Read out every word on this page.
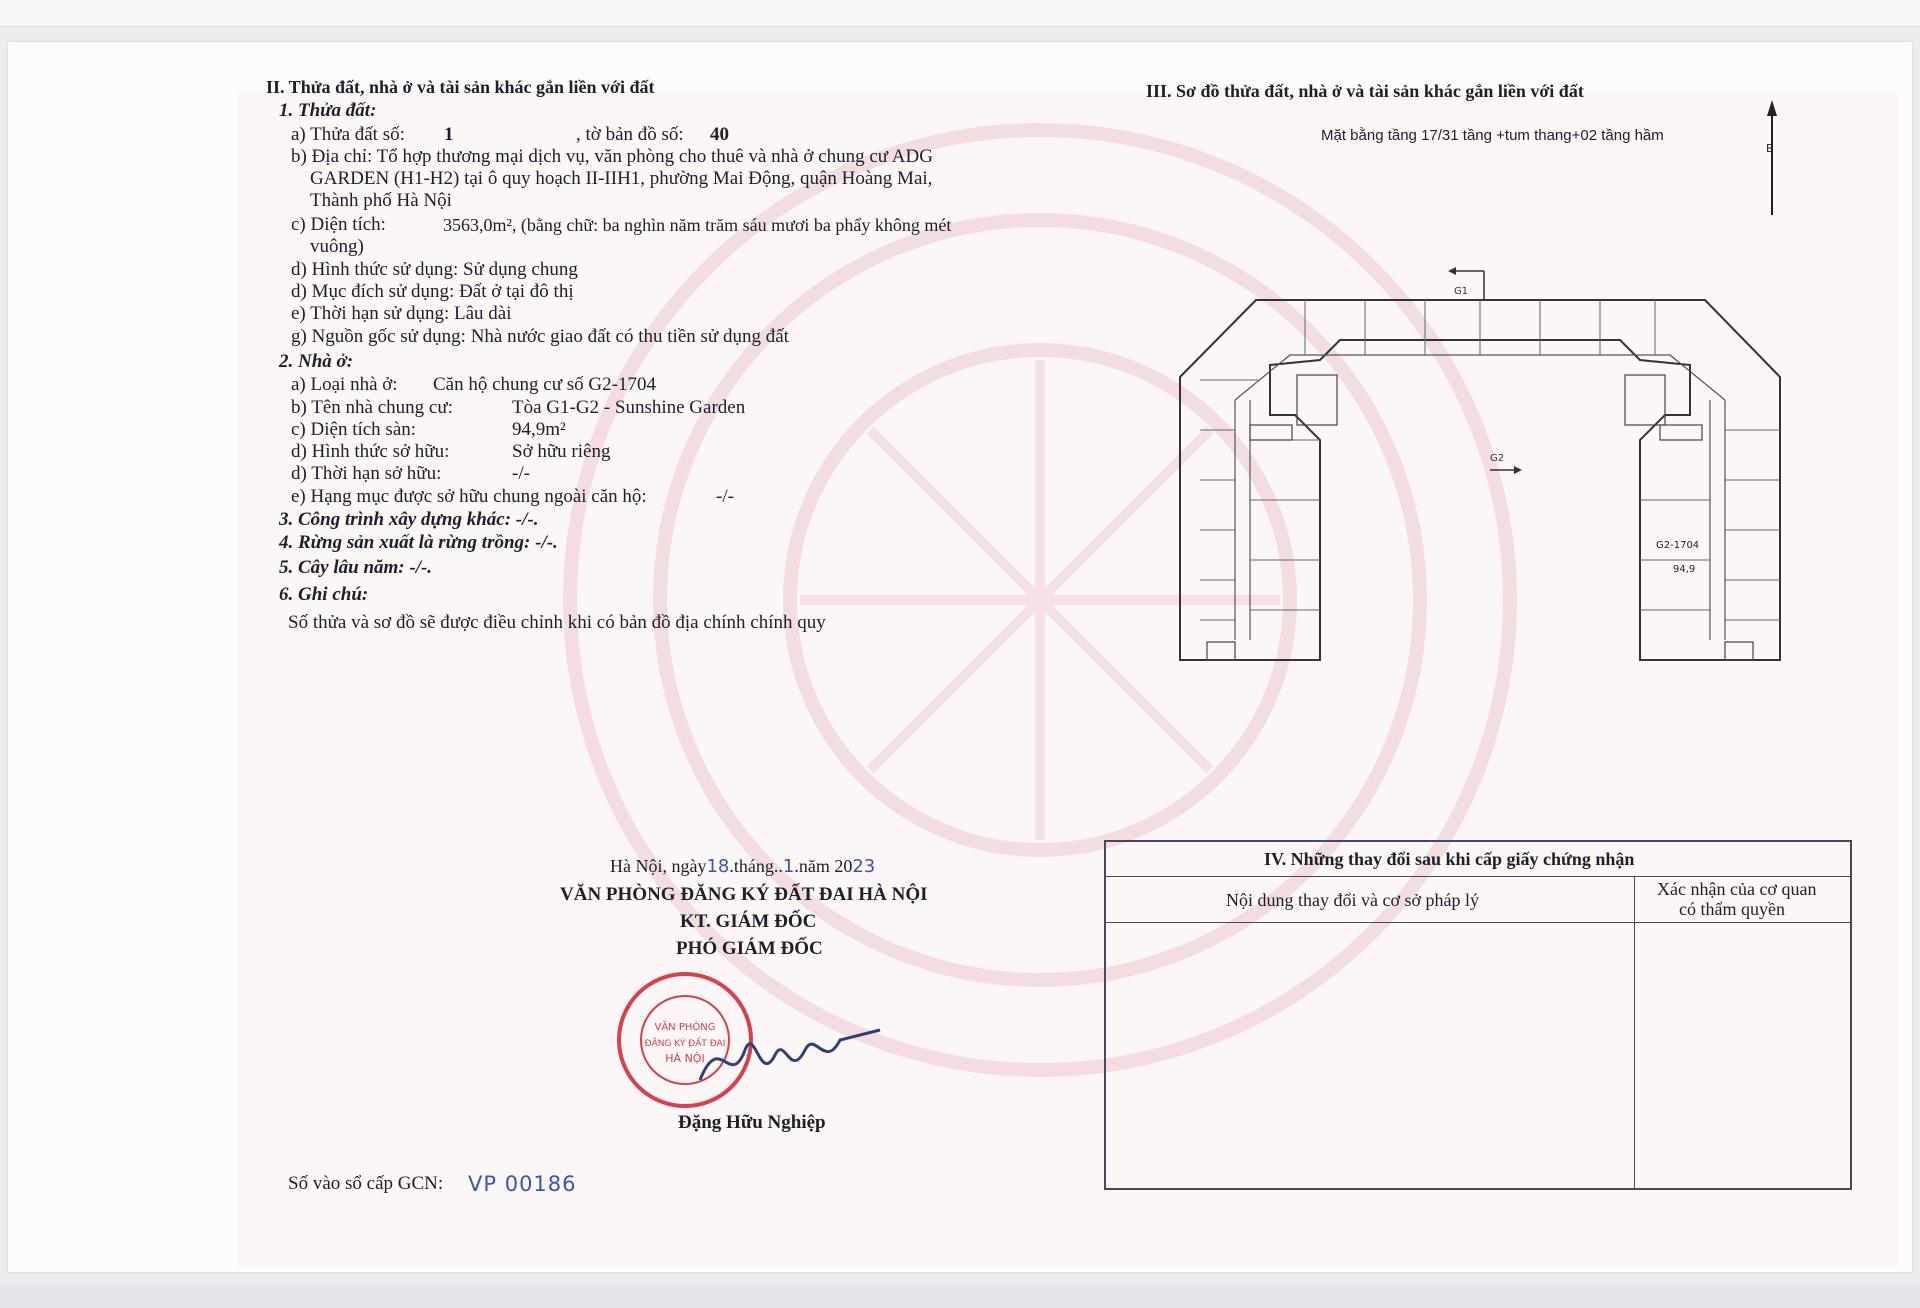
II. Thửa đất, nhà ở và tài sản khác gắn liền với đất
1. Thửa đất:
a) Thửa đất số: 1	, tờ bản đồ số: 40
b) Địa chỉ: Tổ hợp thương mại dịch vụ, văn phòng cho thuê và nhà ở chung cư ADG
GARDEN (H1-H2) tại ô quy hoạch II-IIH1, phường Mai Động, quận Hoàng Mai,
Thành phố Hà Nội
c) Diện tích:	3563,0m², (bằng chữ: ba nghìn năm trăm sáu mươi ba phẩy không mét
vuông)
d) Hình thức sử dụng: Sử dụng chung
d) Mục đích sử dụng: Đất ở tại đô thị
e) Thời hạn sử dụng: Lâu dài
g) Nguồn gốc sử dụng: Nhà nước giao đất có thu tiền sử dụng đất
2. Nhà ở:
a) Loại nhà ở: Căn hộ chung cư số G2-1704
b) Tên nhà chung cư:	Tòa G1-G2 - Sunshine Garden
c) Diện tích sàn:	94,9m²
d) Hình thức sở hữu:	Sở hữu riêng
d) Thời hạn sở hữu:	-/-
e) Hạng mục được sở hữu chung ngoài căn hộ:	-/-
3. Công trình xây dựng khác: -/-.
4. Rừng sản xuất là rừng trồng: -/-.
5. Cây lâu năm: -/-.
6. Ghi chú:
Số thửa và sơ đồ sẽ được điều chỉnh khi có bản đồ địa chính chính quy
III. Sơ đồ thửa đất, nhà ở và tài sản khác gắn liền với đất
Mặt bằng tầng 17/31 tầng +tum thang+02 tầng hầm
B
G1
G2
G2-1704
94,9
Hà Nội, ngày18.tháng..1.năm 2023
VĂN PHÒNG ĐĂNG KÝ ĐẤT ĐAI HÀ NỘI
KT. GIÁM ĐỐC
PHÓ GIÁM ĐỐC
VĂN PHÒNG
ĐĂNG KÝ ĐẤT ĐAI
HÀ NỘI
Đặng Hữu Nghiệp
Số vào sổ cấp GCN: VP 00186
IV. Những thay đổi sau khi cấp giấy chứng nhận
Nội dung thay đổi và cơ sở pháp lý
Xác nhận của cơ quan
có thẩm quyền
